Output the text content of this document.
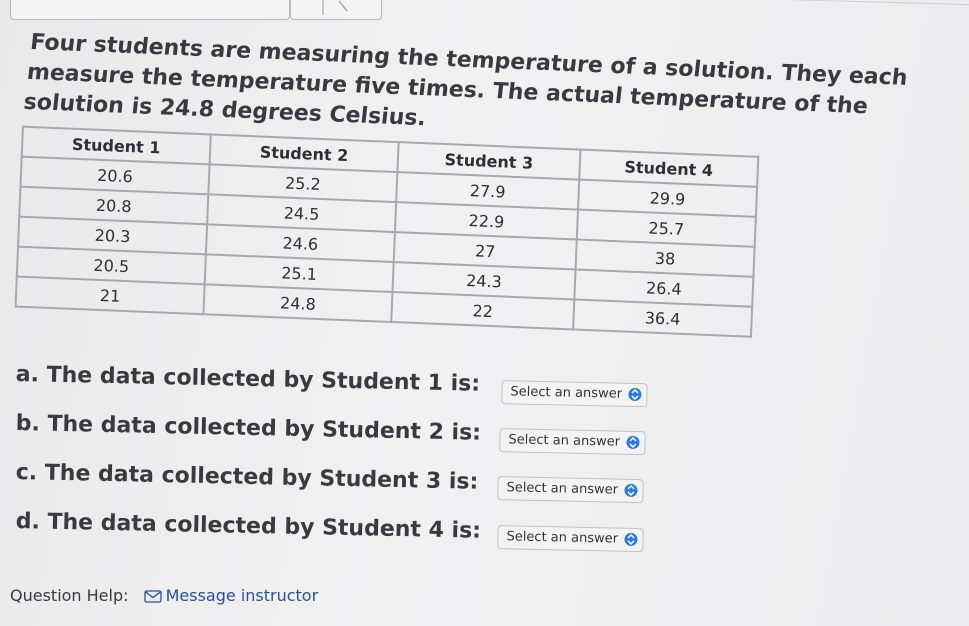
Four students are measuring the temperature of a solution. They each measure the temperature five times. The actual temperature of the solution is 24.8 degrees Celsius.

Student 1	Student 2	Student 3	Student 4
20.6	25.2	27.9	29.9
20.8	24.5	22.9	25.7
20.3	24.6	27	38
20.5	25.1	24.3	26.4
21	24.8	22	36.4
a. The data collected by Student 1 is:	Select an answer
b. The data collected by Student 2 is:	Select an answer
c. The data collected by Student 3 is:	Select an answer
d. The data collected by Student 4 is:	Select an answer
Question Help: Message instructor
